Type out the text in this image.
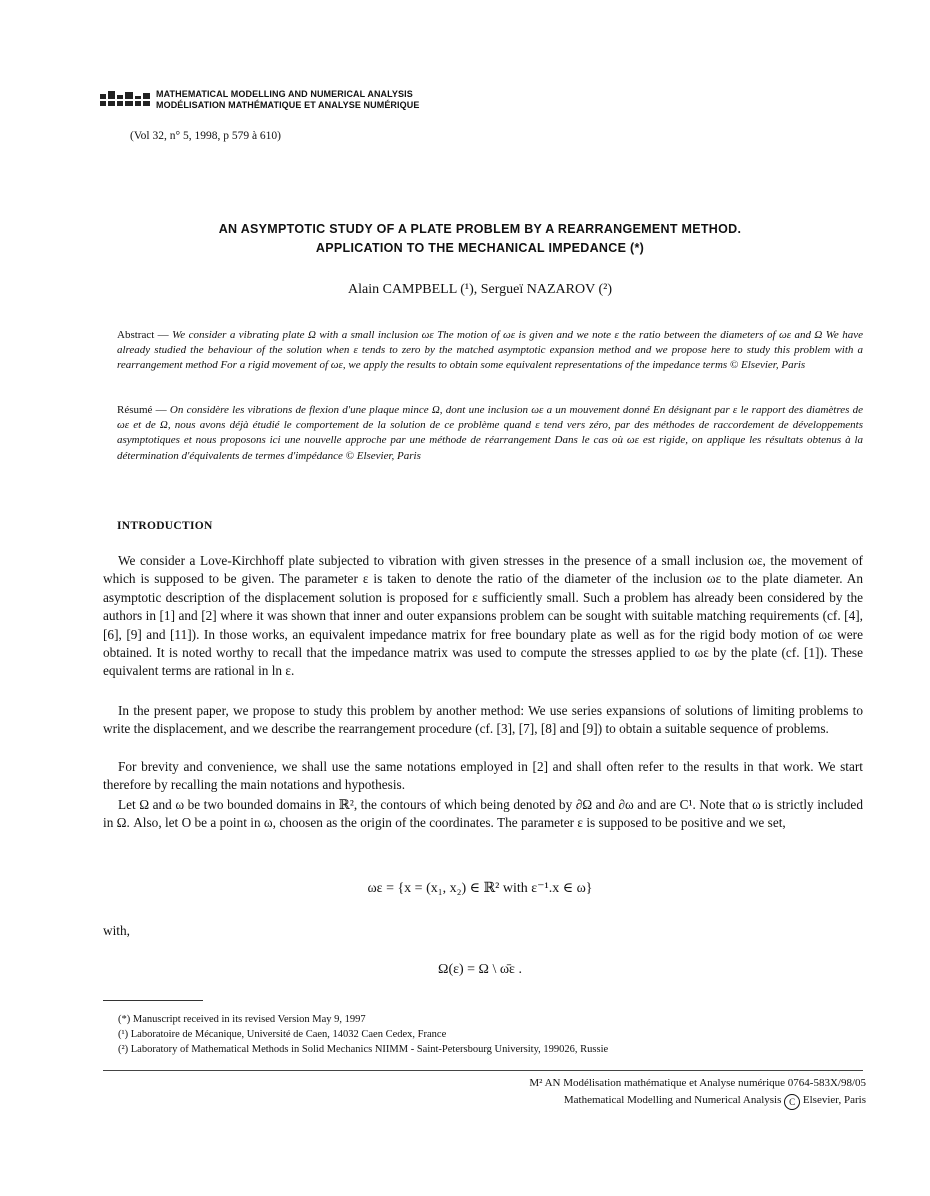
MATHEMATICAL MODELLING AND NUMERICAL ANALYSIS
MODÉLISATION MATHÉMATIQUE ET ANALYSE NUMÉRIQUE
(Vol 32, n° 5, 1998, p 579 à 610)
AN ASYMPTOTIC STUDY OF A PLATE PROBLEM BY A REARRANGEMENT METHOD.
APPLICATION TO THE MECHANICAL IMPEDANCE (*)
Alain CAMPBELL (¹), Sergueï NAZAROV (²)
Abstract — We consider a vibrating plate Ω with a small inclusion ωε The motion of ωε is given and we note ε the ratio between the diameters of ωε and Ω We have already studied the behaviour of the solution when ε tends to zero by the matched asymptotic expansion method and we propose here to study this problem with a rearrangement method For a rigid movement of ωε, we apply the results to obtain some equivalent representations of the impedance terms © Elsevier, Paris
Résumé — On considère les vibrations de flexion d'une plaque mince Ω, dont une inclusion ωε a un mouvement donné En désignant par ε le rapport des diamètres de ωε et de Ω, nous avons déjà étudié le comportement de la solution de ce problème quand ε tend vers zéro, par des méthodes de raccordement de développements asymptotiques et nous proposons ici une nouvelle approche par une méthode de réarrangement Dans le cas où ωε est rigide, on applique les résultats obtenus à la détermination d'équivalents de termes d'impédance © Elsevier, Paris
INTRODUCTION
We consider a Love-Kirchhoff plate subjected to vibration with given stresses in the presence of a small inclusion ωε, the movement of which is supposed to be given. The parameter ε is taken to denote the ratio of the diameter of the inclusion ωε to the plate diameter. An asymptotic description of the displacement solution is proposed for ε sufficiently small. Such a problem has already been considered by the authors in [1] and [2] where it was shown that inner and outer expansions problem can be sought with suitable matching requirements (cf. [4], [6], [9] and [11]). In those works, an equivalent impedance matrix for free boundary plate as well as for the rigid body motion of ωε were obtained. It is noted worthy to recall that the impedance matrix was used to compute the stresses applied to ωε by the plate (cf. [1]). These equivalent terms are rational in ln ε.
In the present paper, we propose to study this problem by another method: We use series expansions of solutions of limiting problems to write the displacement, and we describe the rearrangement procedure (cf. [3], [7], [8] and [9]) to obtain a suitable sequence of problems.
For brevity and convenience, we shall use the same notations employed in [2] and shall often refer to the results in that work. We start therefore by recalling the main notations and hypothesis.
Let Ω and ω be two bounded domains in ℝ², the contours of which being denoted by ∂Ω and ∂ω and are C¹. Note that ω is strictly included in Ω. Also, let O be a point in ω, choosen as the origin of the coordinates. The parameter ε is supposed to be positive and we set,
ωε = {x = (x₁, x₂) ∈ ℝ² with ε⁻¹.x ∈ ω}
with,
Ω(ε) = Ω \ ω̄ε .
(*) Manuscript received in its revised Version May 9, 1997
(¹) Laboratoire de Mécanique, Université de Caen, 14032 Caen Cedex, France
(²) Laboratory of Mathematical Methods in Solid Mechanics NIIMM - Saint-Petersbourg University, 199026, Russie
M² AN Modélisation mathématique et Analyse numérique 0764-583X/98/05
Mathematical Modelling and Numerical Analysis C Elsevier, Paris
